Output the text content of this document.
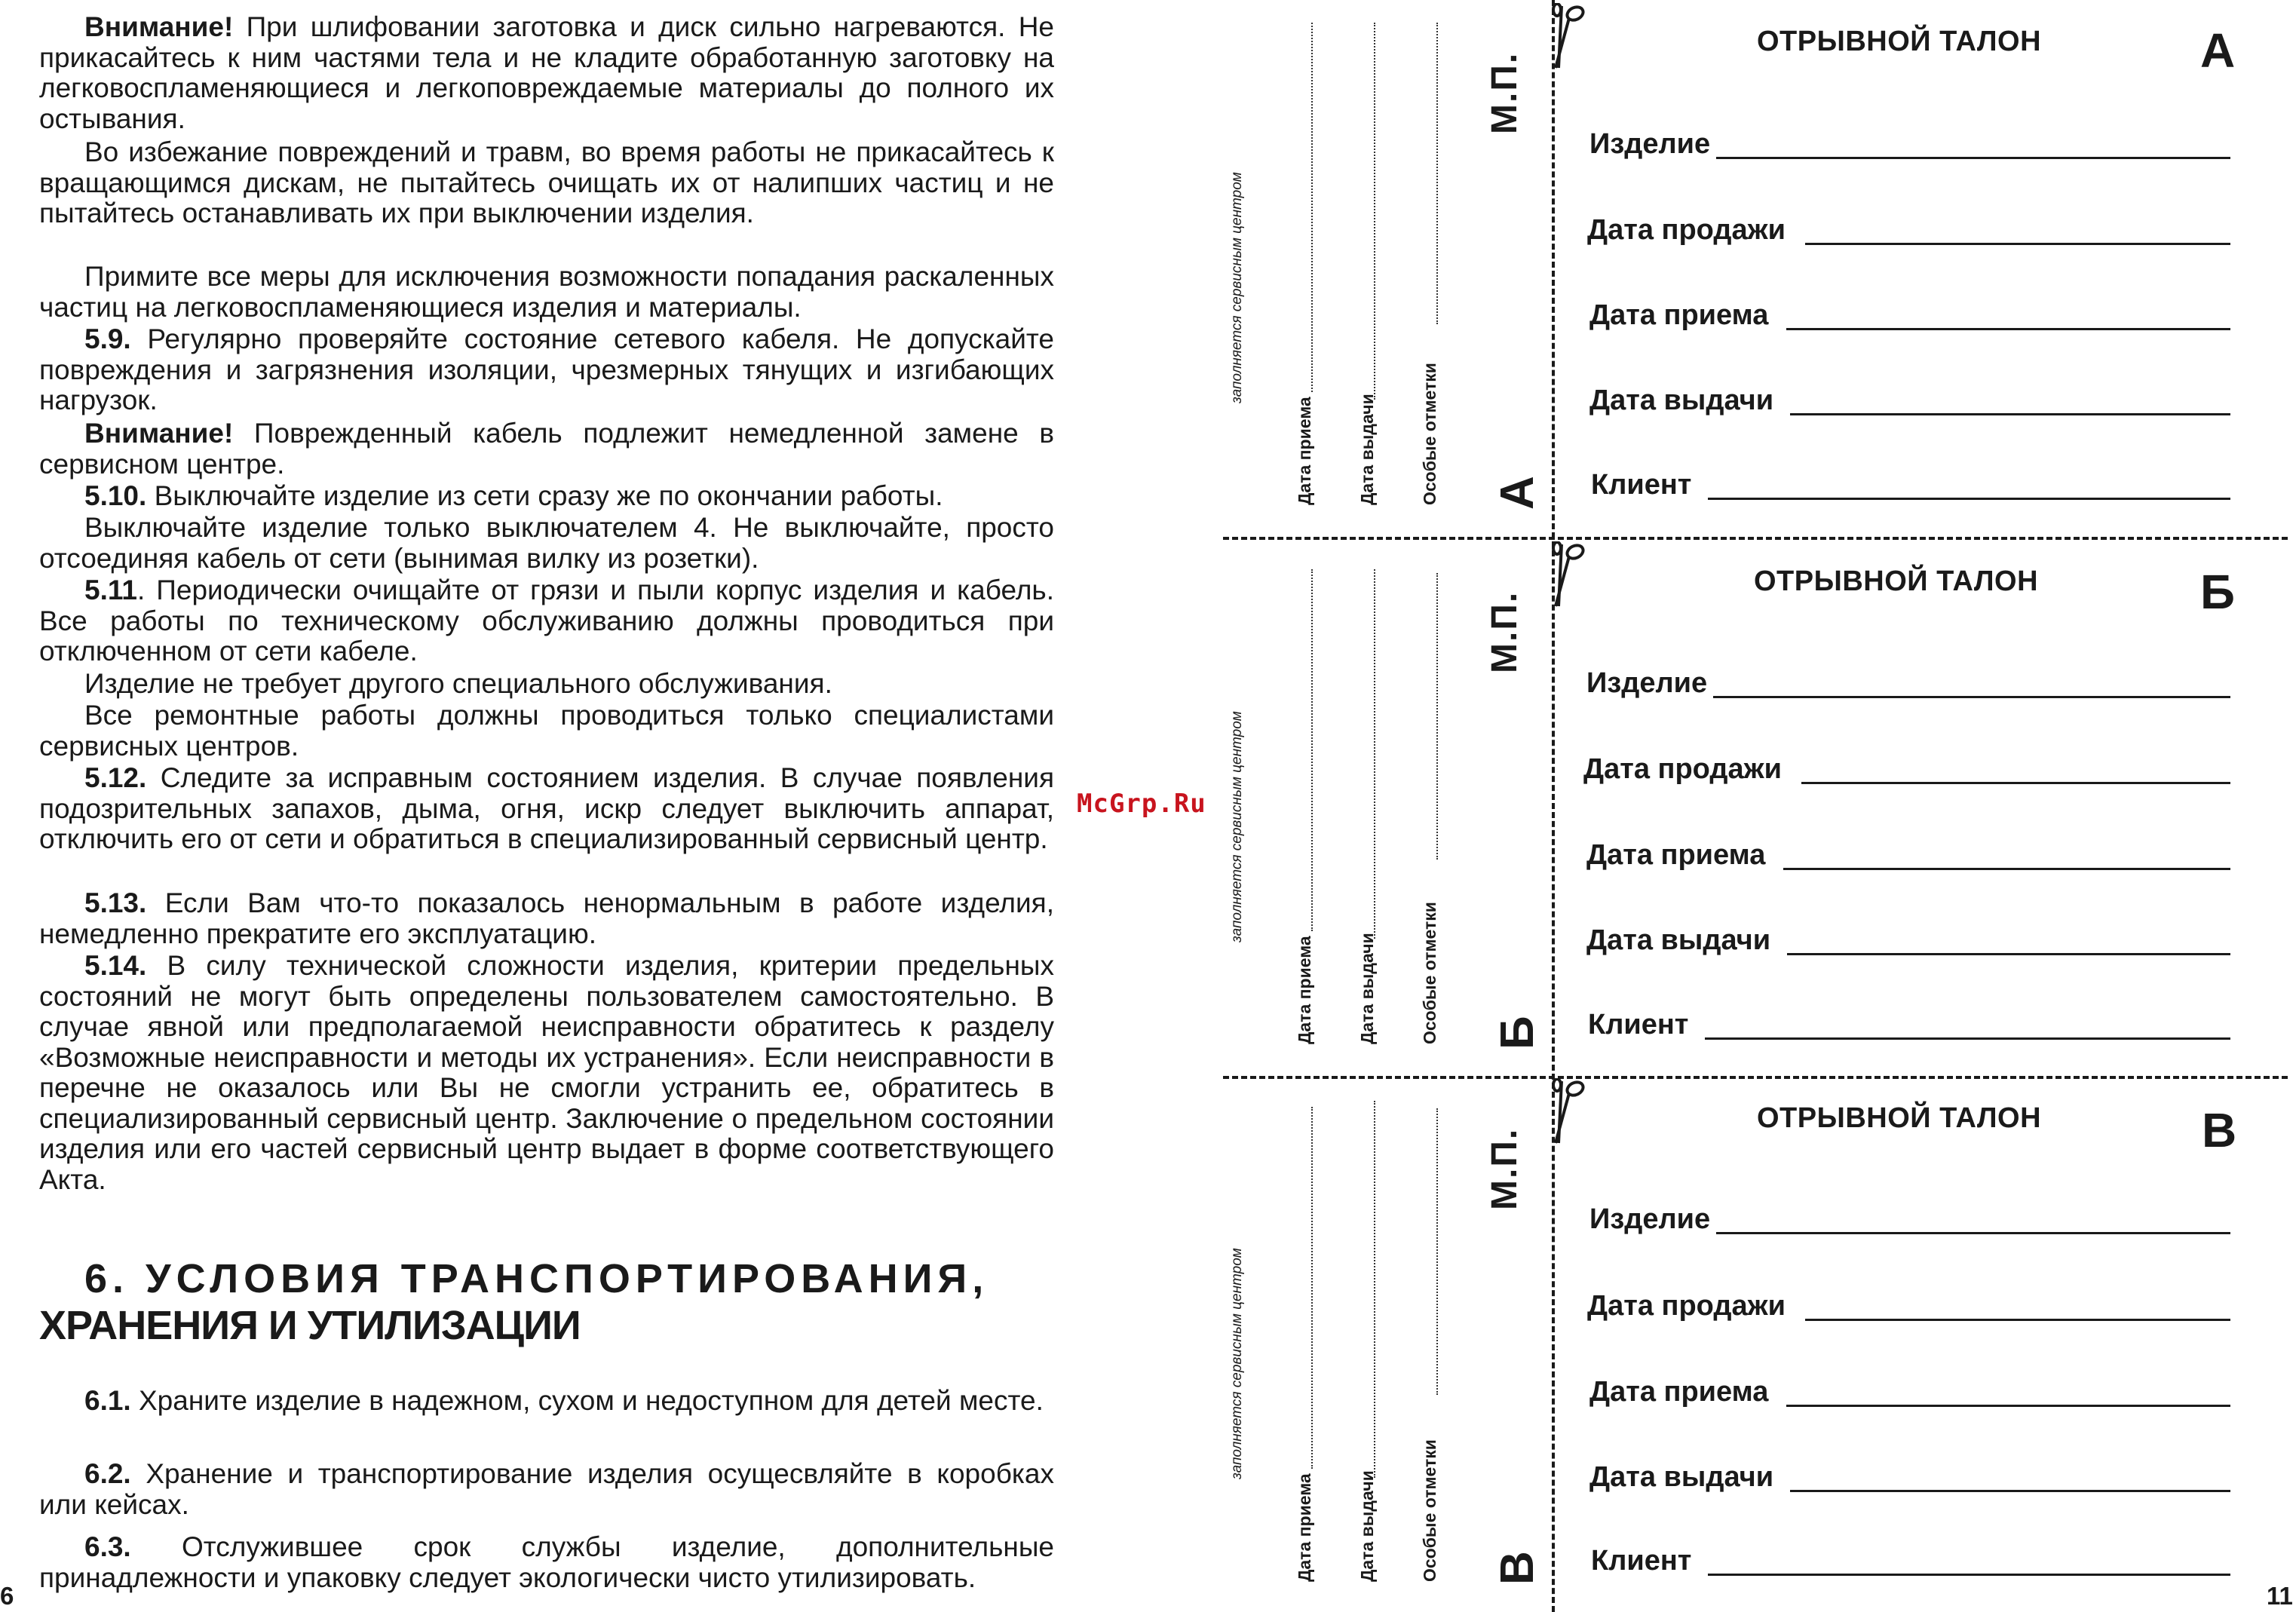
Внимание! При шлифовании заготовка и диск сильно нагреваются. Не прикасайтесь к ним частями тела и не кладите обработанную заготовку на легковоспламеняющиеся и легкоповреждаемые материалы до полного их остывания.

Во избежание повреждений и травм, во время работы не прикасайтесь к вращающимся дискам, не пытайтесь очищать их от налипших частиц и не пытайтесь останавливать их при выключении изделия.

Примите все меры для исключения возможности попадания раскаленных частиц на легковоспламеняющиеся изделия и материалы.

5.9. Регулярно проверяйте состояние сетевого кабеля. Не допускайте повреждения и загрязнения изоляции, чрезмерных тянущих и изгибающих нагрузок.

Внимание! Поврежденный кабель подлежит немедленной замене в сервисном центре.

5.10. Выключайте изделие из сети сразу же по окончании работы.

Выключайте изделие только выключателем 4. Не выключайте, просто отсоединяя кабель от сети (вынимая вилку из розетки).

5.11. Периодически очищайте от грязи и пыли корпус изделия и кабель. Все работы по техническому обслуживанию должны проводиться при отключенном от сети кабеле.

Изделие не требует другого специального обслуживания.

Все ремонтные работы должны проводиться только специалистами сервисных центров.

5.12. Следите за исправным состоянием изделия. В случае появления подозрительных запахов, дыма, огня, искр следует выключить аппарат, отключить его от сети и обратиться в специализированный сервисный центр.

5.13. Если Вам что-то показалось ненормальным в работе изделия, немедленно прекратите его эксплуатацию.

5.14. В силу технической сложности изделия, критерии предельных состояний не могут быть определены пользователем самостоятельно. В случае явной или предполагаемой неисправности обратитесь к разделу «Возможные неисправности и методы их устранения». Если неисправности в перечне не оказалось или Вы не смогли устранить ее, обратитесь в специализированный сервисный центр. Заключение о предельном состоянии изделия или его частей сервисный центр выдает в форме соответствующего Акта.

6. УСЛОВИЯ ТРАНСПОРТИРОВАНИЯ,
ХРАНЕНИЯ И УТИЛИЗАЦИИ

6.1. Храните изделие в надежном, сухом и недоступном для детей месте.

6.2. Хранение и транспортирование изделия осущесвляйте в коробках или кейсах.

6.3. Отслужившее срок службы изделие, дополнительные принадлежности и упаковку следует экологически чисто утилизировать.

6
McGrp.Ru
заполняется сервисным центром
Дата приема Дата выдачи Особые отметки
М.П.
А
ОТРЫВНОЙ ТАЛОН	А
Изделие
Дата продажи
Дата приема
Дата выдачи
Клиент
заполняется сервисным центром
Дата приема Дата выдачи Особые отметки
М.П.
Б
ОТРЫВНОЙ ТАЛОН	Б
Изделие
Дата продажи
Дата приема
Дата выдачи
Клиент
заполняется сервисным центром
Дата приема Дата выдачи Особые отметки
М.П.
В
ОТРЫВНОЙ ТАЛОН	В
Изделие
Дата продажи
Дата приема
Дата выдачи
Клиент
11
